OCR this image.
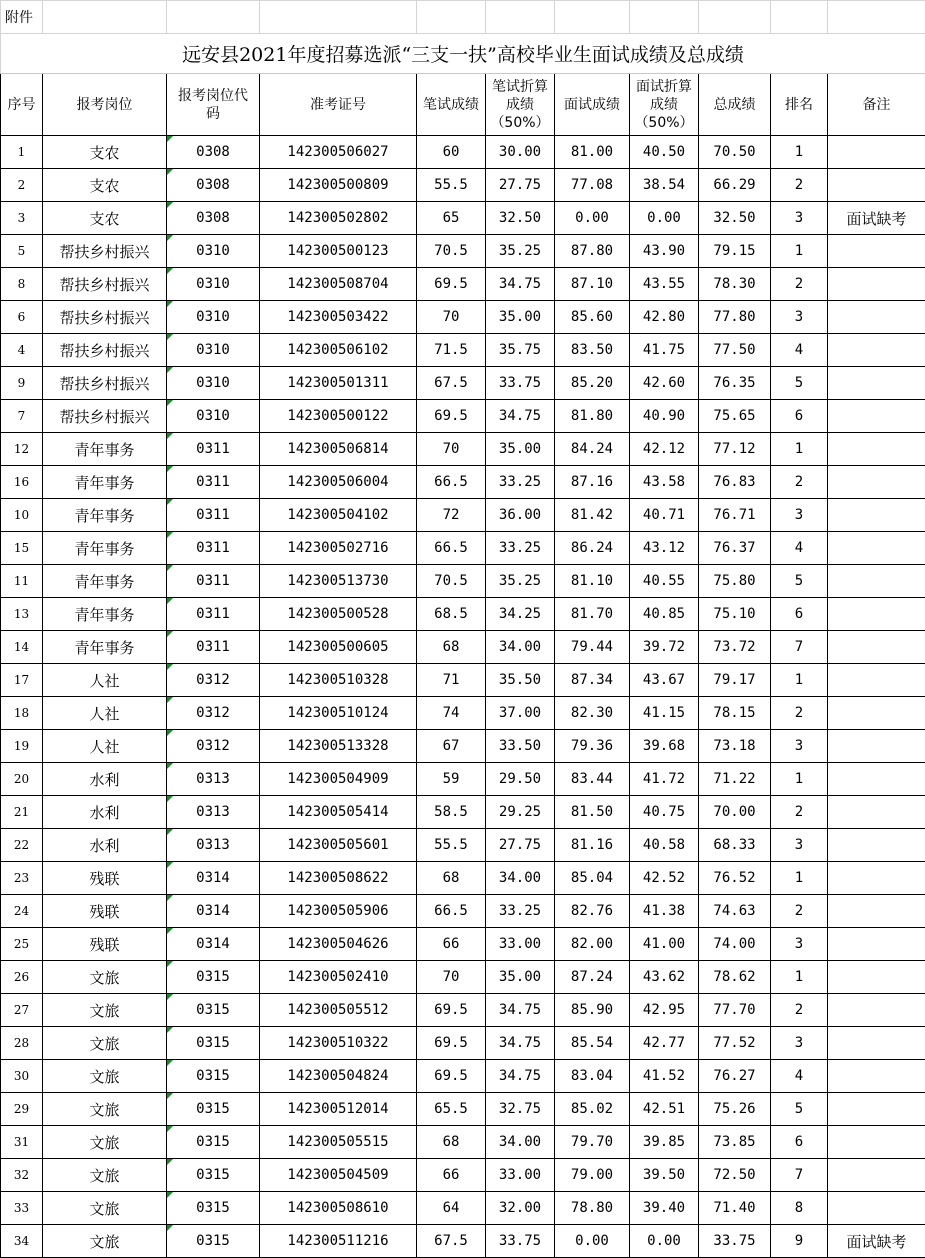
附件										
远安县2021年度招募选派“三支一扶”高校毕业生面试成绩及总成绩										
序号	报考岗位	报考岗位代
码	准考证号	笔试成绩	笔试折算
成绩
（50%）	面试成绩	面试折算
成绩
（50%）	总成绩	排名	备注
1	支农	0308	142300506027	60	30.00	81.00	40.50	70.50	1	
2	支农	0308	142300500809	55.5	27.75	77.08	38.54	66.29	2	
3	支农	0308	142300502802	65	32.50	0.00	0.00	32.50	3	面试缺考
5	帮扶乡村振兴	0310	142300500123	70.5	35.25	87.80	43.90	79.15	1	
8	帮扶乡村振兴	0310	142300508704	69.5	34.75	87.10	43.55	78.30	2	
6	帮扶乡村振兴	0310	142300503422	70	35.00	85.60	42.80	77.80	3	
4	帮扶乡村振兴	0310	142300506102	71.5	35.75	83.50	41.75	77.50	4	
9	帮扶乡村振兴	0310	142300501311	67.5	33.75	85.20	42.60	76.35	5	
7	帮扶乡村振兴	0310	142300500122	69.5	34.75	81.80	40.90	75.65	6	
12	青年事务	0311	142300506814	70	35.00	84.24	42.12	77.12	1	
16	青年事务	0311	142300506004	66.5	33.25	87.16	43.58	76.83	2	
10	青年事务	0311	142300504102	72	36.00	81.42	40.71	76.71	3	
15	青年事务	0311	142300502716	66.5	33.25	86.24	43.12	76.37	4	
11	青年事务	0311	142300513730	70.5	35.25	81.10	40.55	75.80	5	
13	青年事务	0311	142300500528	68.5	34.25	81.70	40.85	75.10	6	
14	青年事务	0311	142300500605	68	34.00	79.44	39.72	73.72	7	
17	人社	0312	142300510328	71	35.50	87.34	43.67	79.17	1	
18	人社	0312	142300510124	74	37.00	82.30	41.15	78.15	2	
19	人社	0312	142300513328	67	33.50	79.36	39.68	73.18	3	
20	水利	0313	142300504909	59	29.50	83.44	41.72	71.22	1	
21	水利	0313	142300505414	58.5	29.25	81.50	40.75	70.00	2	
22	水利	0313	142300505601	55.5	27.75	81.16	40.58	68.33	3	
23	残联	0314	142300508622	68	34.00	85.04	42.52	76.52	1	
24	残联	0314	142300505906	66.5	33.25	82.76	41.38	74.63	2	
25	残联	0314	142300504626	66	33.00	82.00	41.00	74.00	3	
26	文旅	0315	142300502410	70	35.00	87.24	43.62	78.62	1	
27	文旅	0315	142300505512	69.5	34.75	85.90	42.95	77.70	2	
28	文旅	0315	142300510322	69.5	34.75	85.54	42.77	77.52	3	
30	文旅	0315	142300504824	69.5	34.75	83.04	41.52	76.27	4	
29	文旅	0315	142300512014	65.5	32.75	85.02	42.51	75.26	5	
31	文旅	0315	142300505515	68	34.00	79.70	39.85	73.85	6	
32	文旅	0315	142300504509	66	33.00	79.00	39.50	72.50	7	
33	文旅	0315	142300508610	64	32.00	78.80	39.40	71.40	8	
34	文旅	0315	142300511216	67.5	33.75	0.00	0.00	33.75	9	面试缺考
